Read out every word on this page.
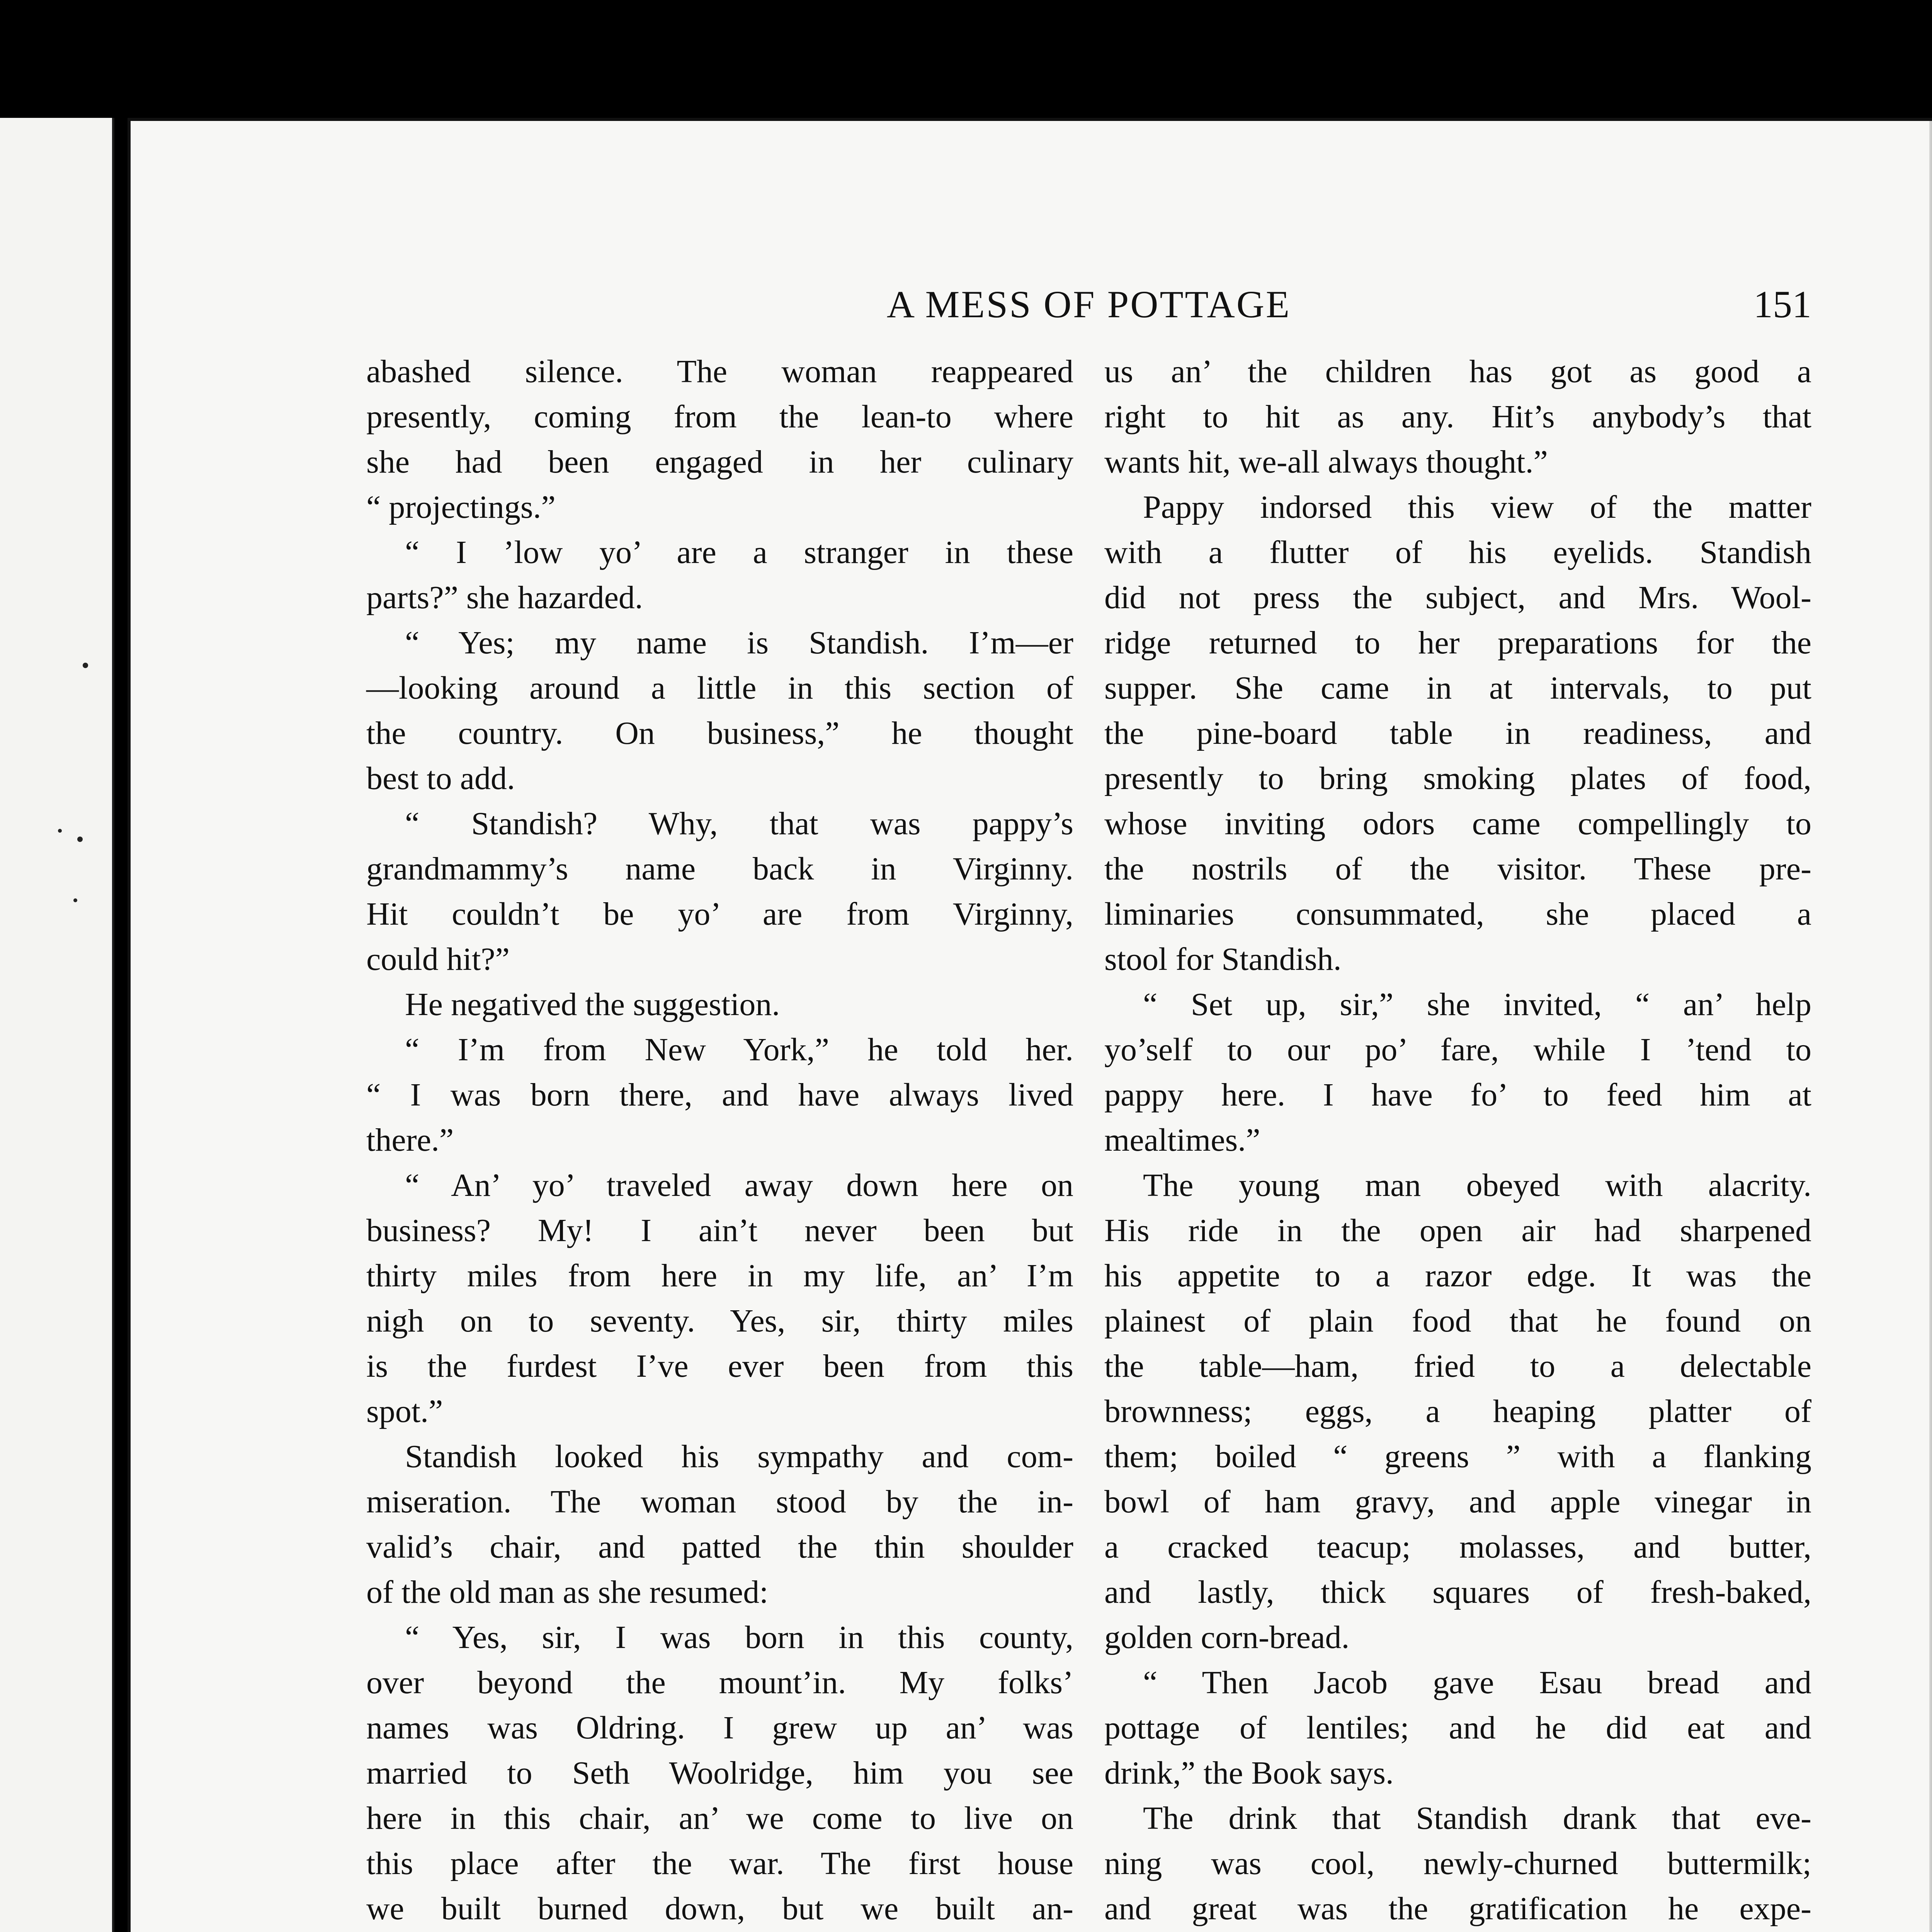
A MESS OF POTTAGE	151
abashed silence. The woman reappeared
presently, coming from the lean-to where
she had been engaged in her culinary
“ projectings.”
“ I ’low yo’ are a stranger in these
parts?” she hazarded.
“ Yes; my name is Standish. I’m—er
—looking around a little in this section of
the country. On business,” he thought
best to add.
“ Standish? Why, that was pappy’s
grandmammy’s name back in Virginny.
Hit couldn’t be yo’ are from Virginny,
could hit?”
He negatived the suggestion.
“ I’m from New York,” he told her.
“ I was born there, and have always lived
there.”
“ An’ yo’ traveled away down here on
business? My! I ain’t never been but
thirty miles from here in my life, an’ I’m
nigh on to seventy. Yes, sir, thirty miles
is the furdest I’ve ever been from this
spot.”
Standish looked his sympathy and com-
miseration. The woman stood by the in-
valid’s chair, and patted the thin shoulder
of the old man as she resumed:
“ Yes, sir, I was born in this county,
over beyond the mount’in. My folks’
names was Oldring. I grew up an’ was
married to Seth Woolridge, him you see
here in this chair, an’ we come to live on
this place after the war. The first house
we built burned down, but we built an-
us an’ the children has got as good a
right to hit as any. Hit’s anybody’s that
wants hit, we-all always thought.”
Pappy indorsed this view of the matter
with a flutter of his eyelids. Standish
did not press the subject, and Mrs. Wool-
ridge returned to her preparations for the
supper. She came in at intervals, to put
the pine-board table in readiness, and
presently to bring smoking plates of food,
whose inviting odors came compellingly to
the nostrils of the visitor. These pre-
liminaries consummated, she placed a
stool for Standish.
“ Set up, sir,” she invited, “ an’ help
yo’self to our po’ fare, while I ’tend to
pappy here. I have fo’ to feed him at
mealtimes.”
The young man obeyed with alacrity.
His ride in the open air had sharpened
his appetite to a razor edge. It was the
plainest of plain food that he found on
the table—ham, fried to a delectable
brownness; eggs, a heaping platter of
them; boiled “ greens ” with a flanking
bowl of ham gravy, and apple vinegar in
a cracked teacup; molasses, and butter,
and lastly, thick squares of fresh-baked,
golden corn-bread.
“ Then Jacob gave Esau bread and
pottage of lentiles; and he did eat and
drink,” the Book says.
The drink that Standish drank that eve-
ning was cool, newly-churned buttermilk;
and great was the gratification he expe-
